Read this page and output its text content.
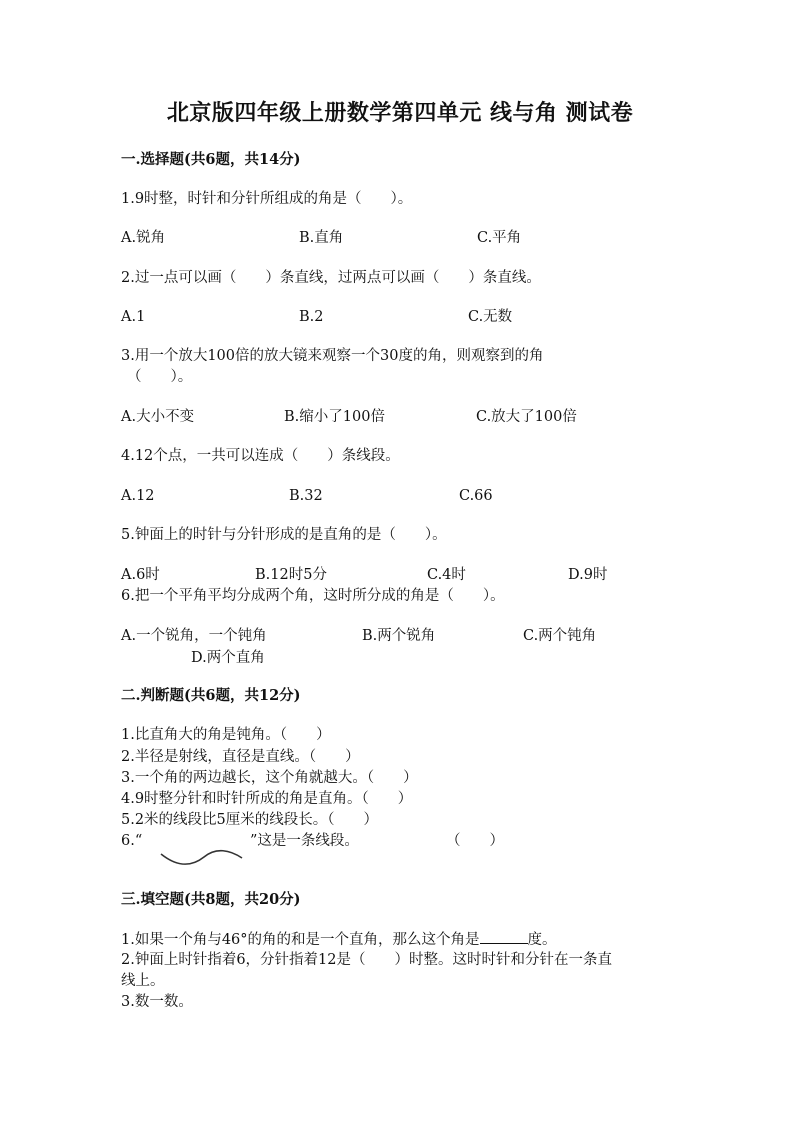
北京版四年级上册数学第四单元 线与角 测试卷
一.选择题(共6题，共14分)
1.9时整，时针和分针所组成的角是（　　）。
A.锐角	B.直角	C.平角
2.过一点可以画（　　）条直线，过两点可以画（　　）条直线。
A.1	B.2	C.无数
3.用一个放大100倍的放大镜来观察一个30度的角，则观察到的角
（　　）。
A.大小不变	B.缩小了100倍	C.放大了100倍
4.12个点，一共可以连成（　　）条线段。
A.12	B.32	C.66
5.钟面上的时针与分针形成的是直角的是（　　）。
A.6时	B.12时5分	C.4时	D.9时
6.把一个平角平均分成两个角，这时所分成的角是（　　）。
A.一个锐角，一个钝角	B.两个锐角	C.两个钝角
D.两个直角
二.判断题(共6题，共12分)
1.比直角大的角是钝角。（　　）
2.半径是射线，直径是直线。（　　）
3.一个角的两边越长，这个角就越大。（　　）
4.9时整分针和时针所成的角是直角。（　　）
5.2米的线段比5厘米的线段长。（　　）
6.“	”这是一条线段。	（　　）
三.填空题(共8题，共20分)
1.如果一个角与46°的角的和是一个直角，那么这个角是	度。
2.钟面上时针指着6，分针指着12是（　　）时整。这时时针和分针在一条直
线上。
3.数一数。
